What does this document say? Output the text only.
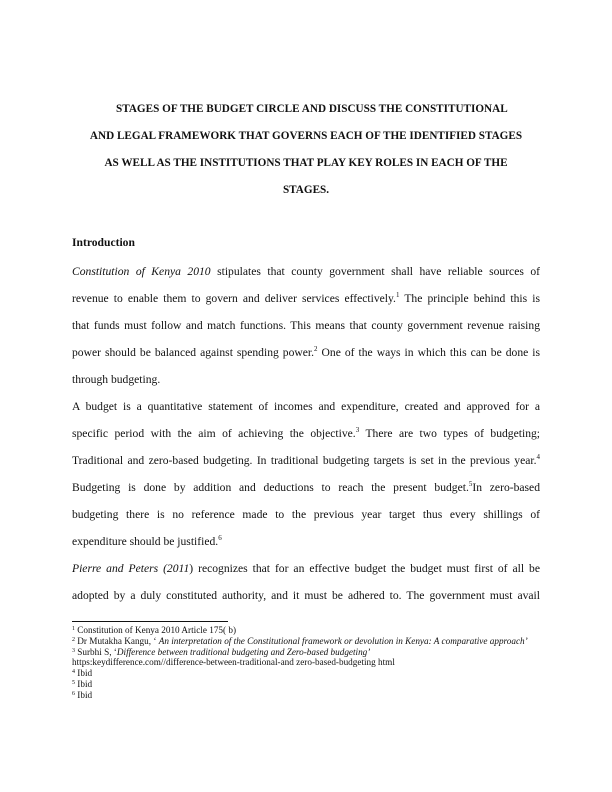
STAGES OF THE BUDGET CIRCLE AND DISCUSS THE CONSTITUTIONAL
AND LEGAL FRAMEWORK THAT GOVERNS EACH OF THE IDENTIFIED STAGES
AS WELL AS THE INSTITUTIONS THAT PLAY KEY ROLES IN EACH OF THE
STAGES.
Introduction
Constitution of Kenya 2010 stipulates that county government shall have reliable sources of
revenue to enable them to govern and deliver services effectively.$^1$ The principle behind this is
that funds must follow and match functions. This means that county government revenue raising
power should be balanced against spending power.$^2$ One of the ways in which this can be done is
through budgeting.
A budget is a quantitative statement of incomes and expenditure, created and approved for a
specific period with the aim of achieving the objective.$^3$ There are two types of budgeting;
Traditional and zero-based budgeting. In traditional budgeting targets is set in the previous year.$^4$
Budgeting is done by addition and deductions to reach the present budget.$^5$In zero-based
budgeting there is no reference made to the previous year target thus every shillings of
expenditure should be justified.$^6$
Pierre and Peters (2011) recognizes that for an effective budget the budget must first of all be
adopted by a duly constituted authority, and it must be adhered to. The government must avail
$^1$ Constitution of Kenya 2010 Article 175( b)
$^2$ Dr Mutakha Kangu, ‘ An interpretation of the Constitutional framework or devolution in Kenya: A comparative approach’
$^3$ Surbhi S, ‘Difference between traditional budgeting and Zero-based budgeting’
https:keydifference.com//difference-between-traditional-and zero-based-budgeting html
$^4$ Ibid
$^5$ Ibid
$^6$ Ibid
